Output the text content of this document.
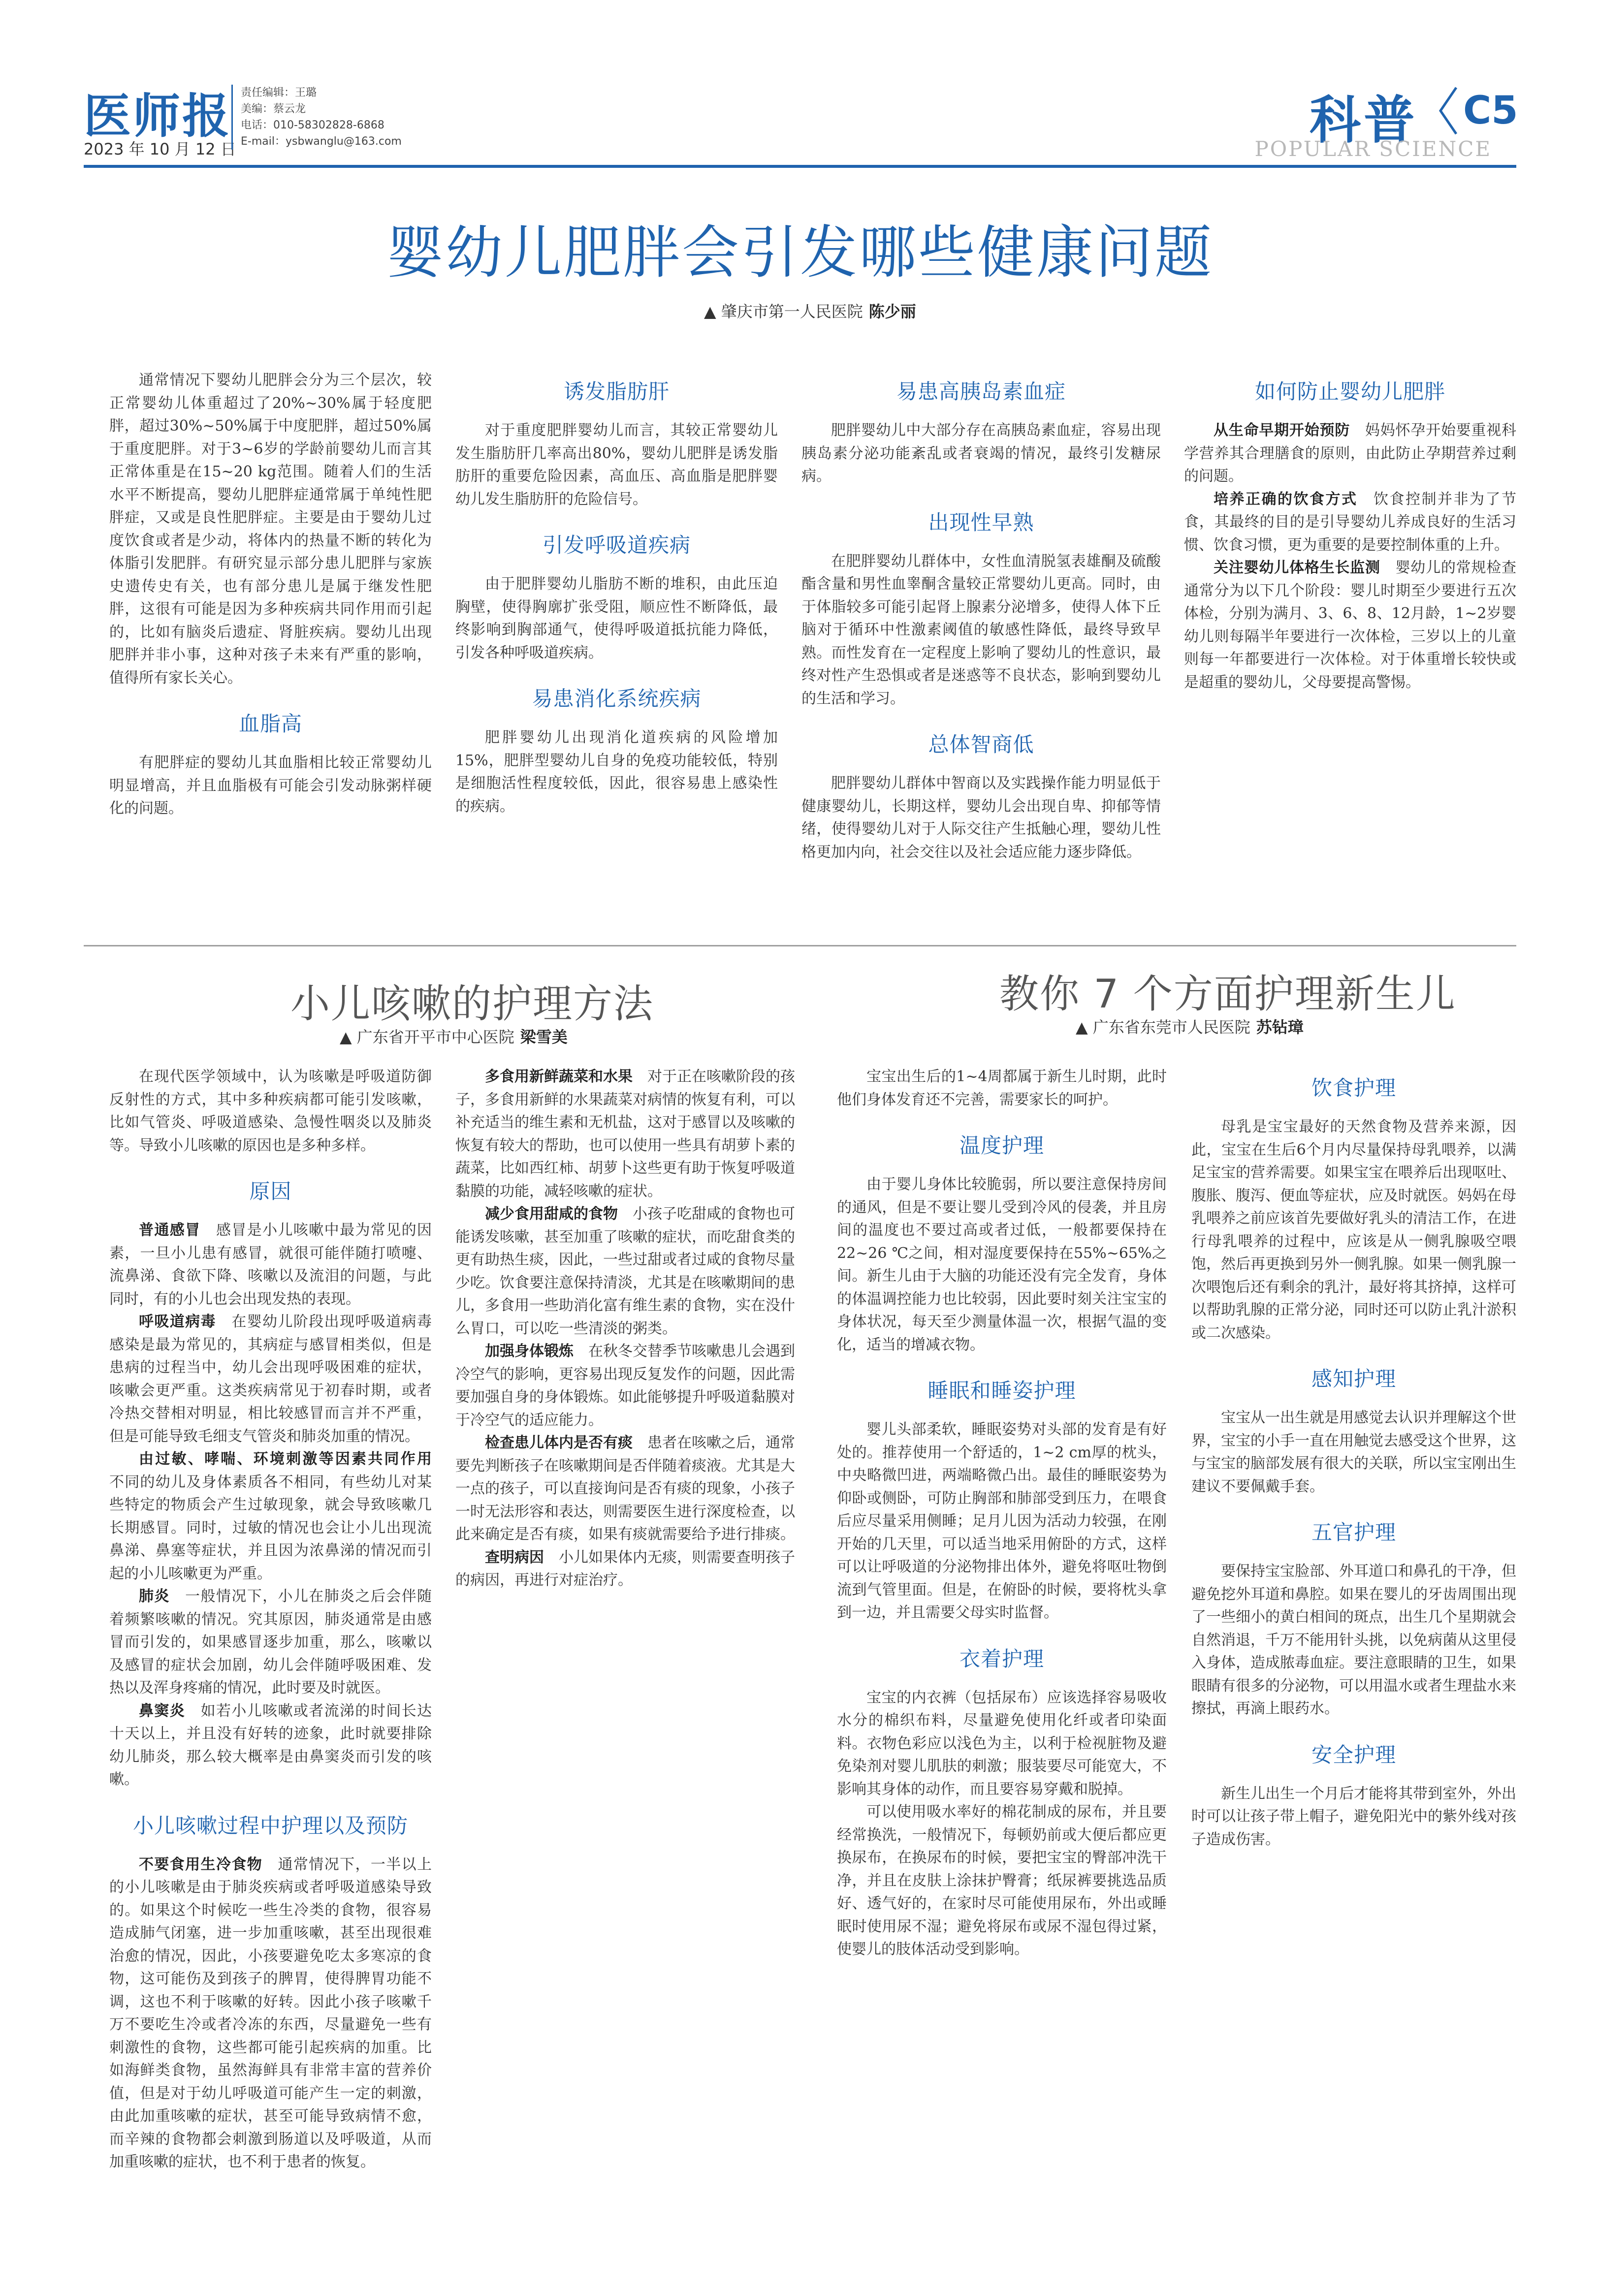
医师报
2023 年 10 月 12 日
责任编辑：王璐
美编：蔡云龙
电话：010-58302828-6868
E-mail：ysbwanglu@163.com	科普 C5
POPULAR SCIENCE
婴幼儿肥胖会引发哪些健康问题
▲ 肇庆市第一人民医院 陈少丽

通常情况下婴幼儿肥胖会分为三个层次，较正常婴幼儿体重超过了20%~30%属于轻度肥胖，超过30%~50%属于中度肥胖，超过50%属于重度肥胖。对于3~6岁的学龄前婴幼儿而言其正常体重是在15~20 kg范围。随着人们的生活水平不断提高，婴幼儿肥胖症通常属于单纯性肥胖症，又或是良性肥胖症。主要是由于婴幼儿过度饮食或者是少动，将体内的热量不断的转化为体脂引发肥胖。有研究显示部分患儿肥胖与家族史遗传史有关，也有部分患儿是属于继发性肥胖，这很有可能是因为多种疾病共同作用而引起的，比如有脑炎后遗症、肾脏疾病。婴幼儿出现肥胖并非小事，这种对孩子未来有严重的影响，值得所有家长关心。

血脂高

有肥胖症的婴幼儿其血脂相比较正常婴幼儿明显增高，并且血脂极有可能会引发动脉粥样硬化的问题。

诱发脂肪肝

对于重度肥胖婴幼儿而言，其较正常婴幼儿发生脂肪肝几率高出80%，婴幼儿肥胖是诱发脂肪肝的重要危险因素，高血压、高血脂是肥胖婴幼儿发生脂肪肝的危险信号。

引发呼吸道疾病

由于肥胖婴幼儿脂肪不断的堆积，由此压迫胸壁，使得胸廓扩张受阻，顺应性不断降低，最终影响到胸部通气，使得呼吸道抵抗能力降低，引发各种呼吸道疾病。

易患消化系统疾病

肥胖婴幼儿出现消化道疾病的风险增加15%，肥胖型婴幼儿自身的免疫功能较低，特别是细胞活性程度较低，因此，很容易患上感染性的疾病。

易患高胰岛素血症

肥胖婴幼儿中大部分存在高胰岛素血症，容易出现胰岛素分泌功能紊乱或者衰竭的情况，最终引发糖尿病。

出现性早熟

在肥胖婴幼儿群体中，女性血清脱氢表雄酮及硫酸酯含量和男性血睾酮含量较正常婴幼儿更高。同时，由于体脂较多可能引起肾上腺素分泌增多，使得人体下丘脑对于循环中性激素阈值的敏感性降低，最终导致早熟。而性发育在一定程度上影响了婴幼儿的性意识，最终对性产生恐惧或者是迷惑等不良状态，影响到婴幼儿的生活和学习。

总体智商低

肥胖婴幼儿群体中智商以及实践操作能力明显低于健康婴幼儿，长期这样，婴幼儿会出现自卑、抑郁等情绪，使得婴幼儿对于人际交往产生抵触心理，婴幼儿性格更加内向，社会交往以及社会适应能力逐步降低。

如何防止婴幼儿肥胖

从生命早期开始预防　 妈妈怀孕开始要重视科学营养其合理膳食的原则，由此防止孕期营养过剩的问题。

培养正确的饮食方式　 饮食控制并非为了节食，其最终的目的是引导婴幼儿养成良好的生活习惯、饮食习惯，更为重要的是要控制体重的上升。

关注婴幼儿体格生长监测　 婴幼儿的常规检查通常分为以下几个阶段：婴儿时期至少要进行五次体检，分别为满月、3、6、8、12月龄，1~2岁婴幼儿则每隔半年要进行一次体检，三岁以上的儿童则每一年都要进行一次体检。对于体重增长较快或是超重的婴幼儿，父母要提高警惕。

小儿咳嗽的护理方法
▲ 广东省开平市中心医院 梁雪美

在现代医学领域中，认为咳嗽是呼吸道防御反射性的方式，其中多种疾病都可能引发咳嗽，比如气管炎、呼吸道感染、急慢性咽炎以及肺炎等。导致小儿咳嗽的原因也是多种多样。

原因

普通感冒　 感冒是小儿咳嗽中最为常见的因素，一旦小儿患有感冒，就很可能伴随打喷嚏、流鼻涕、食欲下降、咳嗽以及流泪的问题，与此同时，有的小儿也会出现发热的表现。

呼吸道病毒　 在婴幼儿阶段出现呼吸道病毒感染是最为常见的，其病症与感冒相类似，但是患病的过程当中，幼儿会出现呼吸困难的症状，咳嗽会更严重。这类疾病常见于初春时期，或者冷热交替相对明显，相比较感冒而言并不严重，但是可能导致毛细支气管炎和肺炎加重的情况。

由过敏、哮喘、环境刺激等因素共同作用　不同的幼儿及身体素质各不相同，有些幼儿对某些特定的物质会产生过敏现象，就会导致咳嗽几长期感冒。同时，过敏的情况也会让小儿出现流鼻涕、鼻塞等症状，并且因为浓鼻涕的情况而引起的小儿咳嗽更为严重。

肺炎　 一般情况下，小儿在肺炎之后会伴随着频繁咳嗽的情况。究其原因，肺炎通常是由感冒而引发的，如果感冒逐步加重，那么，咳嗽以及感冒的症状会加剧，幼儿会伴随呼吸困难、发热以及浑身疼痛的情况，此时要及时就医。

鼻窦炎　 如若小儿咳嗽或者流涕的时间长达十天以上，并且没有好转的迹象，此时就要排除幼儿肺炎，那么较大概率是由鼻窦炎而引发的咳嗽。

小儿咳嗽过程中护理以及预防

不要食用生冷食物　 通常情况下，一半以上的小儿咳嗽是由于肺炎疾病或者呼吸道感染导致的。如果这个时候吃一些生冷类的食物，很容易造成肺气闭塞，进一步加重咳嗽，甚至出现很难治愈的情况，因此，小孩要避免吃太多寒凉的食物，这可能伤及到孩子的脾胃，使得脾胃功能不调，这也不利于咳嗽的好转。因此小孩子咳嗽千万不要吃生冷或者冷冻的东西，尽量避免一些有刺激性的食物，这些都可能引起疾病的加重。比如海鲜类食物，虽然海鲜具有非常丰富的营养价值，但是对于幼儿呼吸道可能产生一定的刺激，由此加重咳嗽的症状，甚至可能导致病情不愈，而辛辣的食物都会刺激到肠道以及呼吸道，从而加重咳嗽的症状，也不利于患者的恢复。

多食用新鲜蔬菜和水果　 对于正在咳嗽阶段的孩子，多食用新鲜的水果蔬菜对病情的恢复有利，可以补充适当的维生素和无机盐，这对于感冒以及咳嗽的恢复有较大的帮助，也可以使用一些具有胡萝卜素的蔬菜，比如西红柿、胡萝卜这些更有助于恢复呼吸道黏膜的功能，减轻咳嗽的症状。

减少食用甜咸的食物　 小孩子吃甜咸的食物也可能诱发咳嗽，甚至加重了咳嗽的症状，而吃甜食类的更有助热生痰，因此，一些过甜或者过咸的食物尽量少吃。饮食要注意保持清淡，尤其是在咳嗽期间的患儿，多食用一些助消化富有维生素的食物，实在没什么胃口，可以吃一些清淡的粥类。

加强身体锻炼　 在秋冬交替季节咳嗽患儿会遇到冷空气的影响，更容易出现反复发作的问题，因此需要加强自身的身体锻炼。如此能够提升呼吸道黏膜对于冷空气的适应能力。

检查患儿体内是否有痰　 患者在咳嗽之后，通常要先判断孩子在咳嗽期间是否伴随着痰液。尤其是大一点的孩子，可以直接询问是否有痰的现象，小孩子一时无法形容和表达，则需要医生进行深度检查，以此来确定是否有痰，如果有痰就需要给予进行排痰。

查明病因　 小儿如果体内无痰，则需要查明孩子的病因，再进行对症治疗。

教你 7 个方面护理新生儿
▲ 广东省东莞市人民医院 苏钻璋

宝宝出生后的1~4周都属于新生儿时期，此时他们身体发育还不完善，需要家长的呵护。

温度护理

由于婴儿身体比较脆弱，所以要注意保持房间的通风，但是不要让婴儿受到冷风的侵袭，并且房间的温度也不要过高或者过低，一般都要保持在22~26 ℃之间，相对湿度要保持在55%~65%之间。新生儿由于大脑的功能还没有完全发育，身体的体温调控能力也比较弱，因此要时刻关注宝宝的身体状况，每天至少测量体温一次，根据气温的变化，适当的增减衣物。

睡眠和睡姿护理

婴儿头部柔软，睡眠姿势对头部的发育是有好处的。推荐使用一个舒适的，1~2 cm厚的枕头，中央略微凹进，两端略微凸出。最佳的睡眠姿势为仰卧或侧卧，可防止胸部和肺部受到压力，在喂食后应尽量采用侧睡；足月儿因为活动力较强，在刚开始的几天里，可以适当地采用俯卧的方式，这样可以让呼吸道的分泌物排出体外，避免将呕吐物倒流到气管里面。但是，在俯卧的时候，要将枕头拿到一边，并且需要父母实时监督。

衣着护理

宝宝的内衣裤（包括尿布）应该选择容易吸收水分的棉织布料，尽量避免使用化纤或者印染面料。衣物色彩应以浅色为主，以利于检视脏物及避免染剂对婴儿肌肤的刺激；服装要尽可能宽大，不影响其身体的动作，而且要容易穿戴和脱掉。

可以使用吸水率好的棉花制成的尿布，并且要经常换洗，一般情况下，每顿奶前或大便后都应更换尿布，在换尿布的时候，要把宝宝的臀部冲洗干净，并且在皮肤上涂抹护臀膏；纸尿裤要挑选品质好、透气好的，在家时尽可能使用尿布，外出或睡眠时使用尿不湿；避免将尿布或尿不湿包得过紧，使婴儿的肢体活动受到影响。

饮食护理

母乳是宝宝最好的天然食物及营养来源，因此，宝宝在生后6个月内尽量保持母乳喂养，以满足宝宝的营养需要。如果宝宝在喂养后出现呕吐、腹胀、腹泻、便血等症状，应及时就医。妈妈在母乳喂养之前应该首先要做好乳头的清洁工作，在进行母乳喂养的过程中，应该是从一侧乳腺吸空喂饱，然后再更换到另外一侧乳腺。如果一侧乳腺一次喂饱后还有剩余的乳汁，最好将其挤掉，这样可以帮助乳腺的正常分泌，同时还可以防止乳汁淤积或二次感染。

感知护理

宝宝从一出生就是用感觉去认识并理解这个世界，宝宝的小手一直在用触觉去感受这个世界，这与宝宝的脑部发展有很大的关联，所以宝宝刚出生建议不要佩戴手套。

五官护理

要保持宝宝脸部、外耳道口和鼻孔的干净，但避免挖外耳道和鼻腔。如果在婴儿的牙齿周围出现了一些细小的黄白相间的斑点，出生几个星期就会自然消退，千万不能用针头挑，以免病菌从这里侵入身体，造成脓毒血症。要注意眼睛的卫生，如果眼睛有很多的分泌物，可以用温水或者生理盐水来擦拭，再滴上眼药水。

安全护理

新生儿出生一个月后才能将其带到室外，外出时可以让孩子带上帽子，避免阳光中的紫外线对孩子造成伤害。
